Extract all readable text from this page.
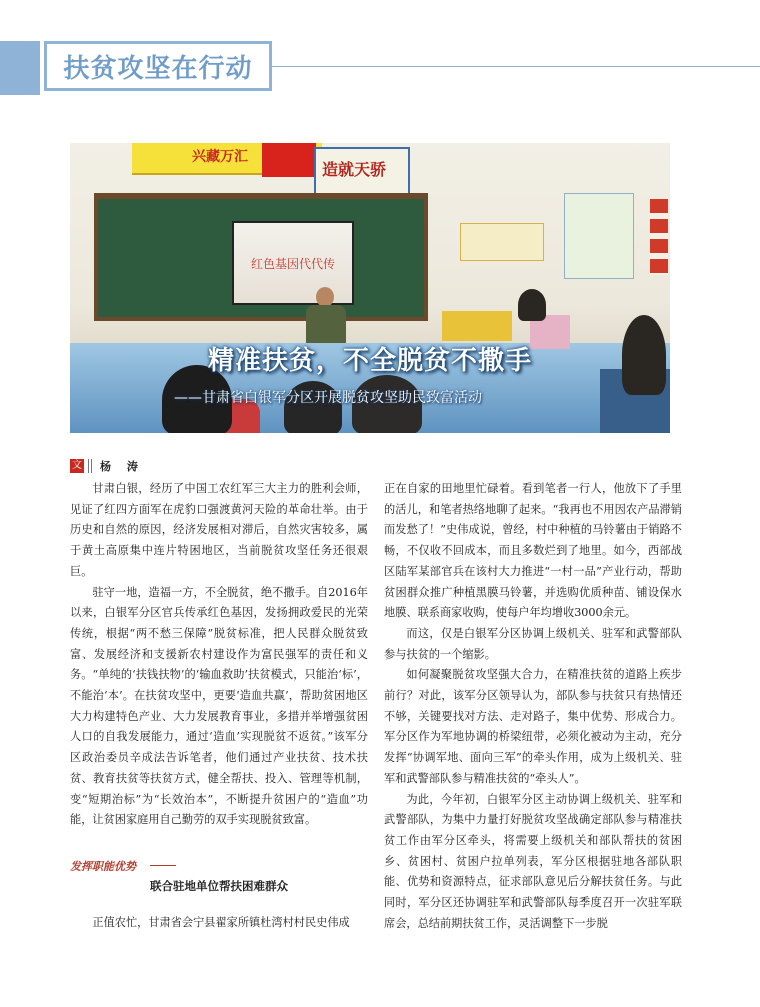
扶贫攻坚在行动
兴藏万汇
造就天骄
红色基因代代传
精准扶贫，不全脱贫不撒手
——甘肃省白银军分区开展脱贫攻坚助民致富活动
文 杨 涛

甘肃白银，经历了中国工农红军三大主力的胜利会师，见证了红四方面军在虎豹口强渡黄河天险的革命壮举。由于历史和自然的原因，经济发展相对滞后，自然灾害较多，属于黄土高原集中连片特困地区，当前脱贫攻坚任务还很艰巨。

驻守一地，造福一方，不全脱贫，绝不撒手。自2016年以来，白银军分区官兵传承红色基因，发扬拥政爱民的光荣传统，根据“两不愁三保障”脱贫标准，把人民群众脱贫致富、发展经济和支援新农村建设作为富民强军的责任和义务。“单纯的‘扶钱扶物’的‘输血救助’扶贫模式，只能治‘标’，不能治‘本’。在扶贫攻坚中，更要‘造血共赢’，帮助贫困地区大力构建特色产业、大力发展教育事业，多措并举增强贫困人口的自我发展能力，通过‘造血’实现脱贫不返贫。”该军分区政治委员辛成法告诉笔者，他们通过产业扶贫、技术扶贫、教育扶贫等扶贫方式，健全帮扶、投入、管理等机制，变“短期治标”为“长效治本”，不断提升贫困户的“造血”功能，让贫困家庭用自己勤劳的双手实现脱贫致富。

发挥职能优势
联合驻地单位帮扶困难群众

正值农忙，甘肃省会宁县翟家所镇杜湾村村民史伟成

正在自家的田地里忙碌着。看到笔者一行人，他放下了手里的活儿，和笔者热络地聊了起来。“我再也不用因农产品滞销而发愁了！”史伟成说，曾经，村中种植的马铃薯由于销路不畅，不仅收不回成本，而且多数烂到了地里。如今，西部战区陆军某部官兵在该村大力推进“一村一品”产业行动，帮助贫困群众推广种植黑膜马铃薯，并选购优质种苗、铺设保水地膜、联系商家收购，使每户年均增收3000余元。

而这，仅是白银军分区协调上级机关、驻军和武警部队参与扶贫的一个缩影。

如何凝聚脱贫攻坚强大合力，在精准扶贫的道路上疾步前行？对此，该军分区领导认为，部队参与扶贫只有热情还不够，关键要找对方法、走对路子，集中优势、形成合力。军分区作为军地协调的桥梁纽带，必须化被动为主动，充分发挥“协调军地、面向三军”的牵头作用，成为上级机关、驻军和武警部队参与精准扶贫的“牵头人”。

为此，今年初，白银军分区主动协调上级机关、驻军和武警部队，为集中力量打好脱贫攻坚战确定部队参与精准扶贫工作由军分区牵头，将需要上级机关和部队帮扶的贫困乡、贫困村、贫困户拉单列表，军分区根据驻地各部队职能、优势和资源特点，征求部队意见后分解扶贫任务。与此同时，军分区还协调驻军和武警部队每季度召开一次驻军联席会，总结前期扶贫工作，灵活调整下一步脱
